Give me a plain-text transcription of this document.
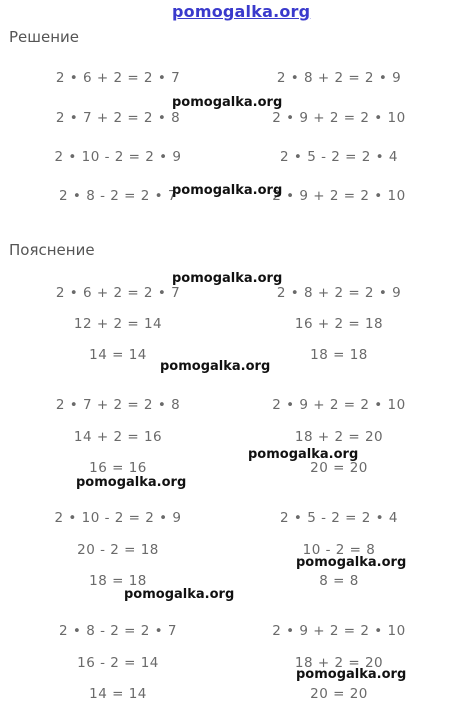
pomogalka.org
Решение
Пояснение
2 • 6 + 2 = 2 • 7
2 • 7 + 2 = 2 • 8
2 • 10 - 2 = 2 • 9
2 • 8 - 2 = 2 • 7
2 • 8 + 2 = 2 • 9
2 • 9 + 2 = 2 • 10
2 • 5 - 2 = 2 • 4
2 • 9 + 2 = 2 • 10
2 • 6 + 2 = 2 • 7
12 + 2 = 14
14 = 14
2 • 7 + 2 = 2 • 8
14 + 2 = 16
16 = 16
2 • 10 - 2 = 2 • 9
20 - 2 = 18
18 = 18
2 • 8 - 2 = 2 • 7
16 - 2 = 14
14 = 14
2 • 8 + 2 = 2 • 9
16 + 2 = 18
18 = 18
2 • 9 + 2 = 2 • 10
18 + 2 = 20
20 = 20
2 • 5 - 2 = 2 • 4
10 - 2 = 8
8 = 8
2 • 9 + 2 = 2 • 10
18 + 2 = 20
20 = 20
pomogalka.org
pomogalka.org
pomogalka.org
pomogalka.org
pomogalka.org
pomogalka.org
pomogalka.org
pomogalka.org
pomogalka.org
